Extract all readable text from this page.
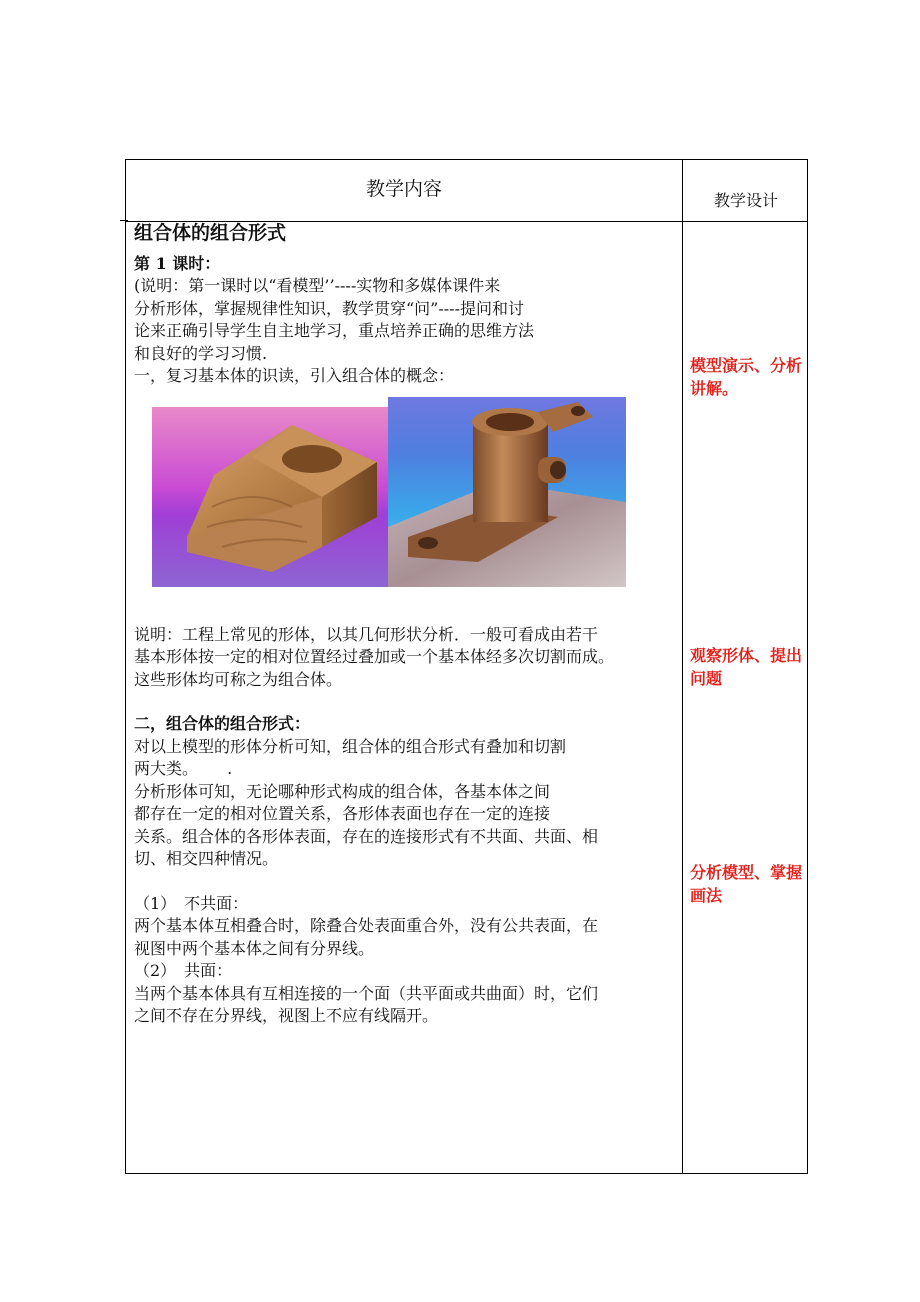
教学内容
教学设计

组合体的组合形式

第 1 课时：

(说明：第一课时以“看模型’’----实物和多媒体课件来

分析形体，掌握规律性知识，教学贯穿“问”----提问和讨

论来正确引导学生自主地学习，重点培养正确的思维方法

和良好的学习习惯.

一，复习基本体的识读，引入组合体的概念：

说明：工程上常见的形体，以其几何形状分析．一般可看成由若干

基本形体按一定的相对位置经过叠加或一个基本体经多次切割而成。

这些形体均可称之为组合体。

二，组合体的组合形式：

对以上模型的形体分析可知，组合体的组合形式有叠加和切割

两大类。　　 .

分析形体可知，无论哪种形式构成的组合体，各基本体之间

都存在一定的相对位置关系，各形体表面也存在一定的连接

关系。组合体的各形体表面，存在的连接形式有不共面、共面、相

切、相交四种情况。

（1）　不共面：

两个基本体互相叠合时，除叠合处表面重合外，没有公共表面，在

视图中两个基本体之间有分界线。

（2）　共面：

当两个基本体具有互相连接的一个面（共平面或共曲面）时，它们

之间不存在分界线，视图上不应有线隔开。

模型演示、分析讲解。
观察形体、提出问题
分析模型、掌握画法
